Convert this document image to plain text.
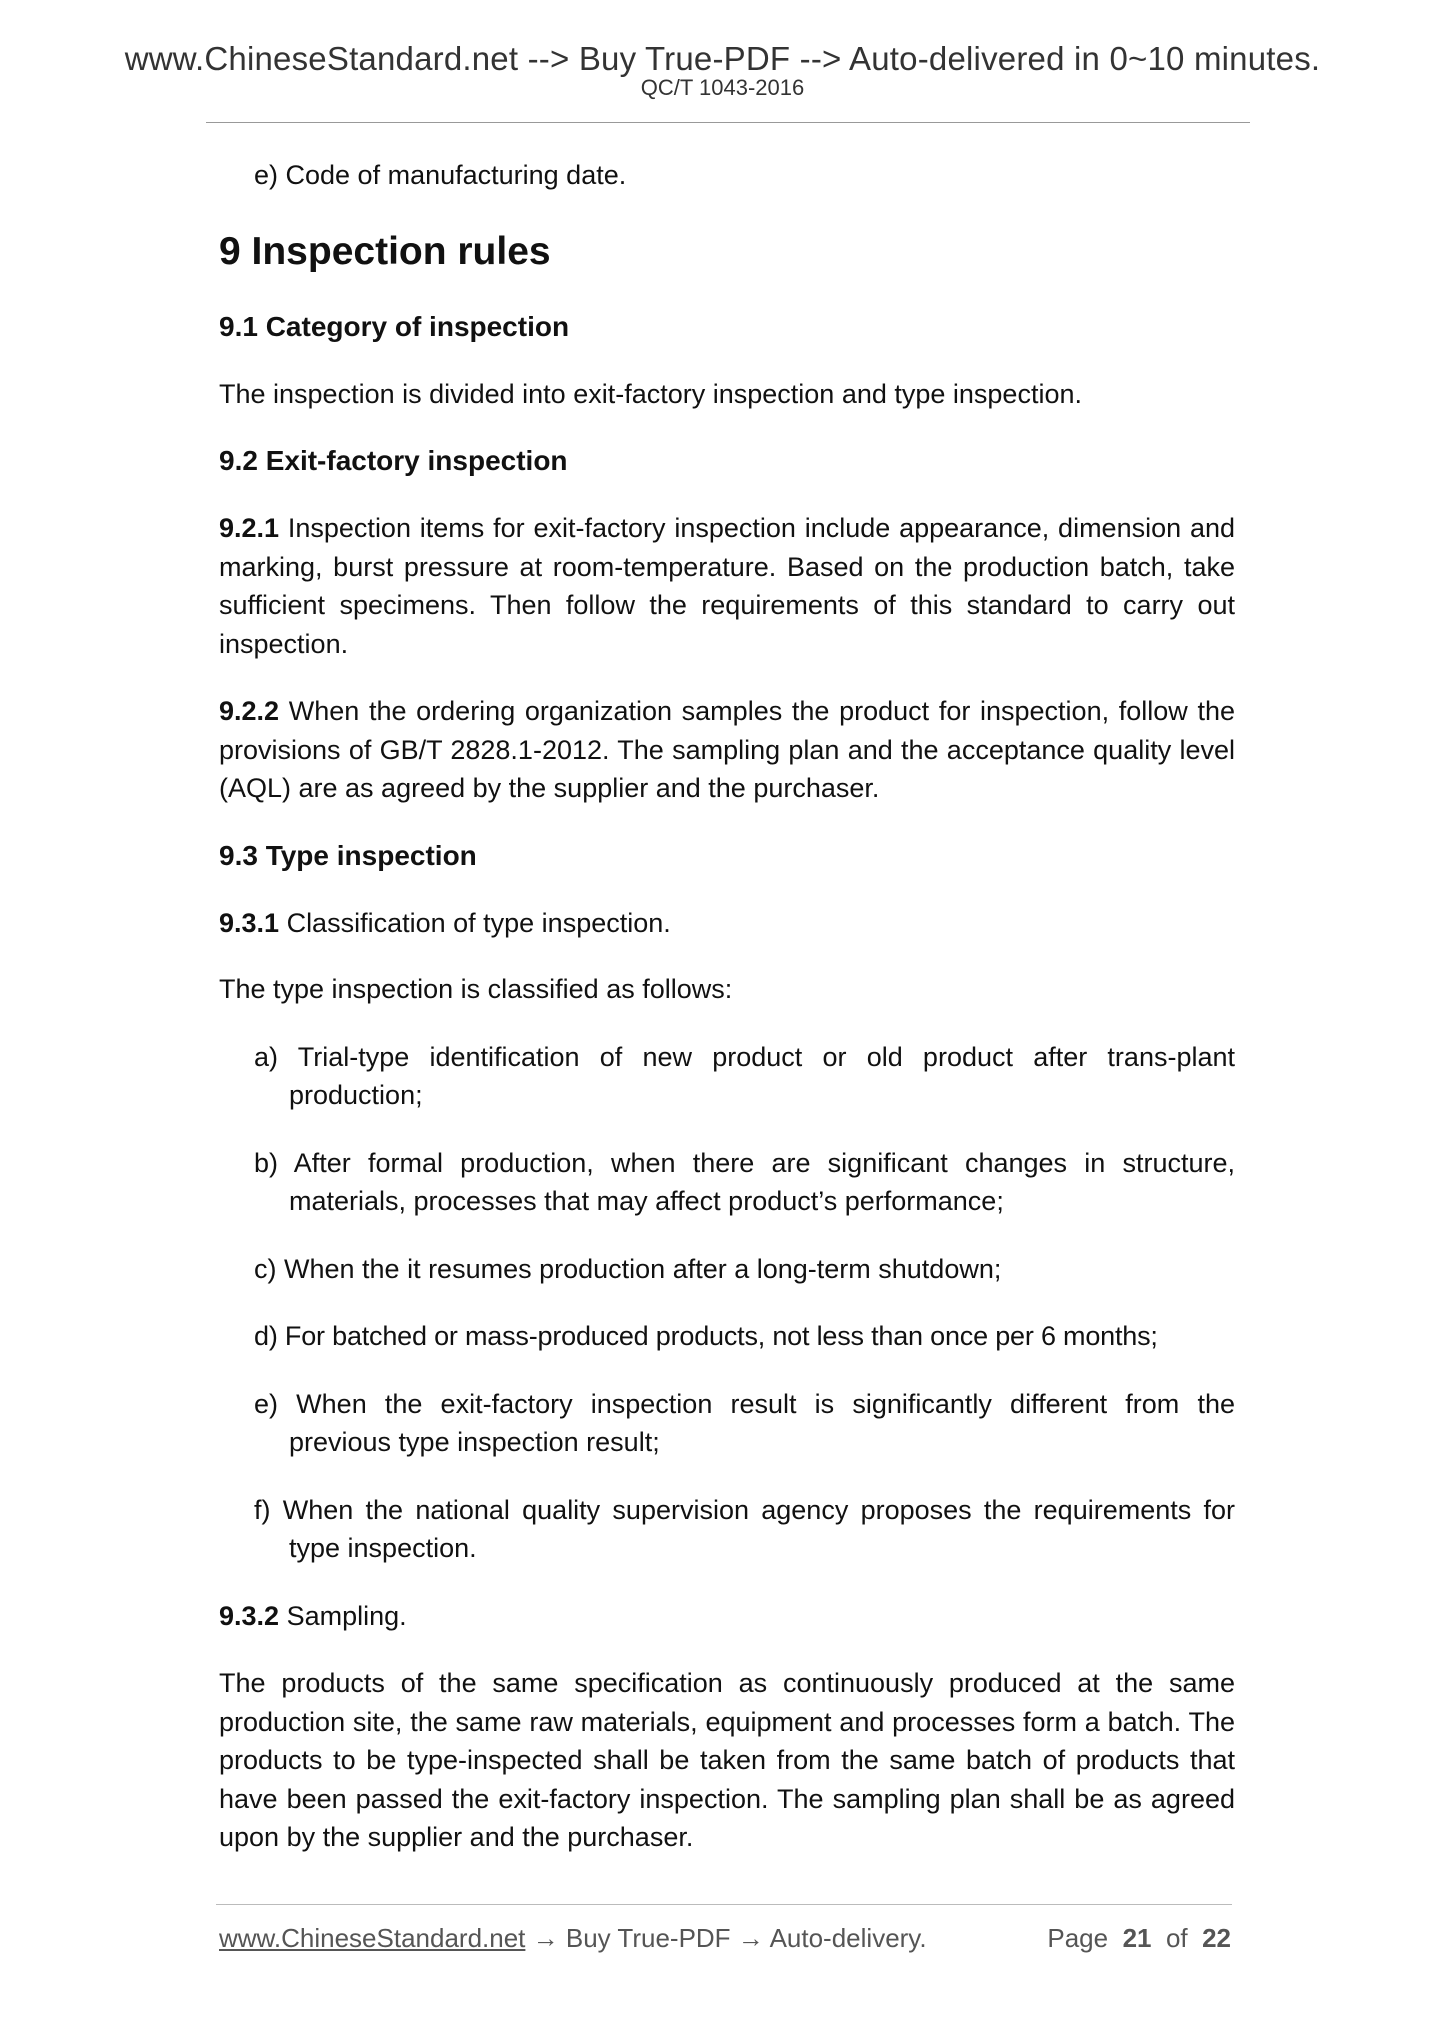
www.ChineseStandard.net --> Buy True-PDF --> Auto-delivered in 0~10 minutes.
QC/T 1043-2016

e) Code of manufacturing date.

9 Inspection rules
9.1 Category of inspection

The inspection is divided into exit-factory inspection and type inspection.

9.2 Exit-factory inspection

9.2.1 Inspection items for exit-factory inspection include appearance, dimension and marking, burst pressure at room-temperature. Based on the production batch, take sufficient specimens. Then follow the requirements of this standard to carry out inspection.

9.2.2 When the ordering organization samples the product for inspection, follow the provisions of GB/T 2828.1-2012. The sampling plan and the acceptance quality level (AQL) are as agreed by the supplier and the purchaser.

9.3 Type inspection

9.3.1 Classification of type inspection.

The type inspection is classified as follows:

a) Trial-type identification of new product or old product after trans-plant production;

b) After formal production, when there are significant changes in structure, materials, processes that may affect product’s performance;

c) When the it resumes production after a long-term shutdown;

d) For batched or mass-produced products, not less than once per 6 months;

e) When the exit-factory inspection result is significantly different from the previous type inspection result;

f) When the national quality supervision agency proposes the requirements for type inspection.

9.3.2 Sampling.

The products of the same specification as continuously produced at the same production site, the same raw materials, equipment and processes form a batch. The products to be type-inspected shall be taken from the same batch of products that have been passed the exit-factory inspection. The sampling plan shall be as agreed upon by the supplier and the purchaser.

www.ChineseStandard.net → Buy True-PDF → Auto-delivery.	Page 21 of 22
